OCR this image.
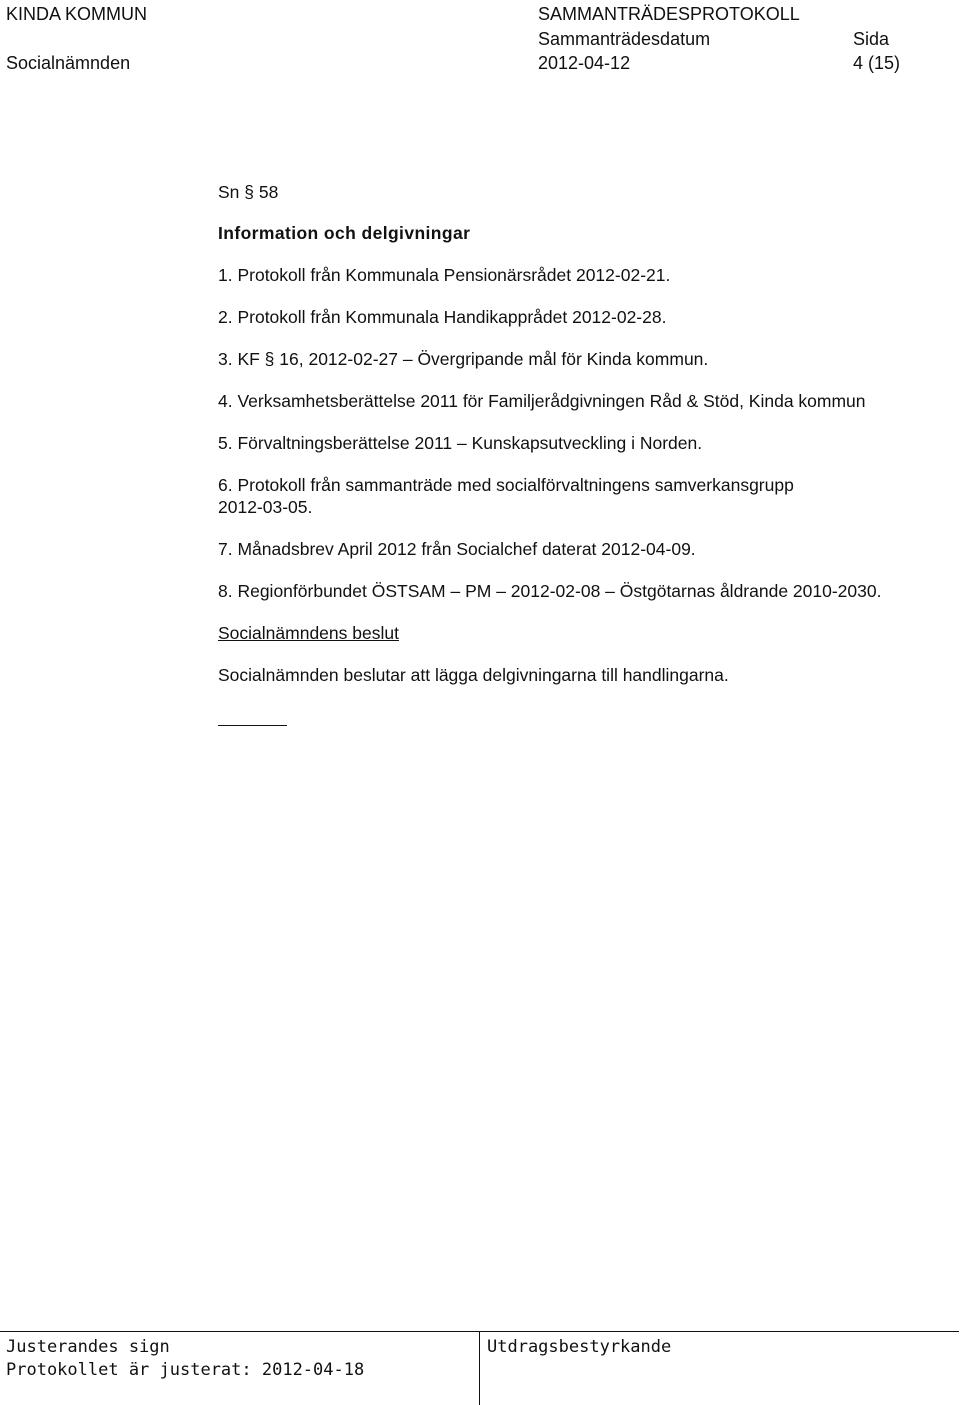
KINDA KOMMUN
Socialnämnden
SAMMANTRÄDESPROTOKOLL
Sammanträdesdatum
2012-04-12
Sida
4 (15)
Sn § 58
Information och delgivningar
1. Protokoll från Kommunala Pensionärsrådet 2012-02-21.
2. Protokoll från Kommunala Handikapprådet 2012-02-28.
3. KF § 16, 2012-02-27 – Övergripande mål för Kinda kommun.
4. Verksamhetsberättelse 2011 för Familjerådgivningen Råd & Stöd, Kinda kommun
5. Förvaltningsberättelse 2011 – Kunskapsutveckling i Norden.
6. Protokoll från sammanträde med socialförvaltningens samverkansgrupp
2012-03-05.
7. Månadsbrev April 2012 från Socialchef daterat 2012-04-09.
8. Regionförbundet ÖSTSAM – PM – 2012-02-08 – Östgötarnas åldrande 2010-2030.
Socialnämndens beslut
Socialnämnden beslutar att lägga delgivningarna till handlingarna.
Justerandes sign
Protokollet är justerat: 2012-04-18
Utdragsbestyrkande
